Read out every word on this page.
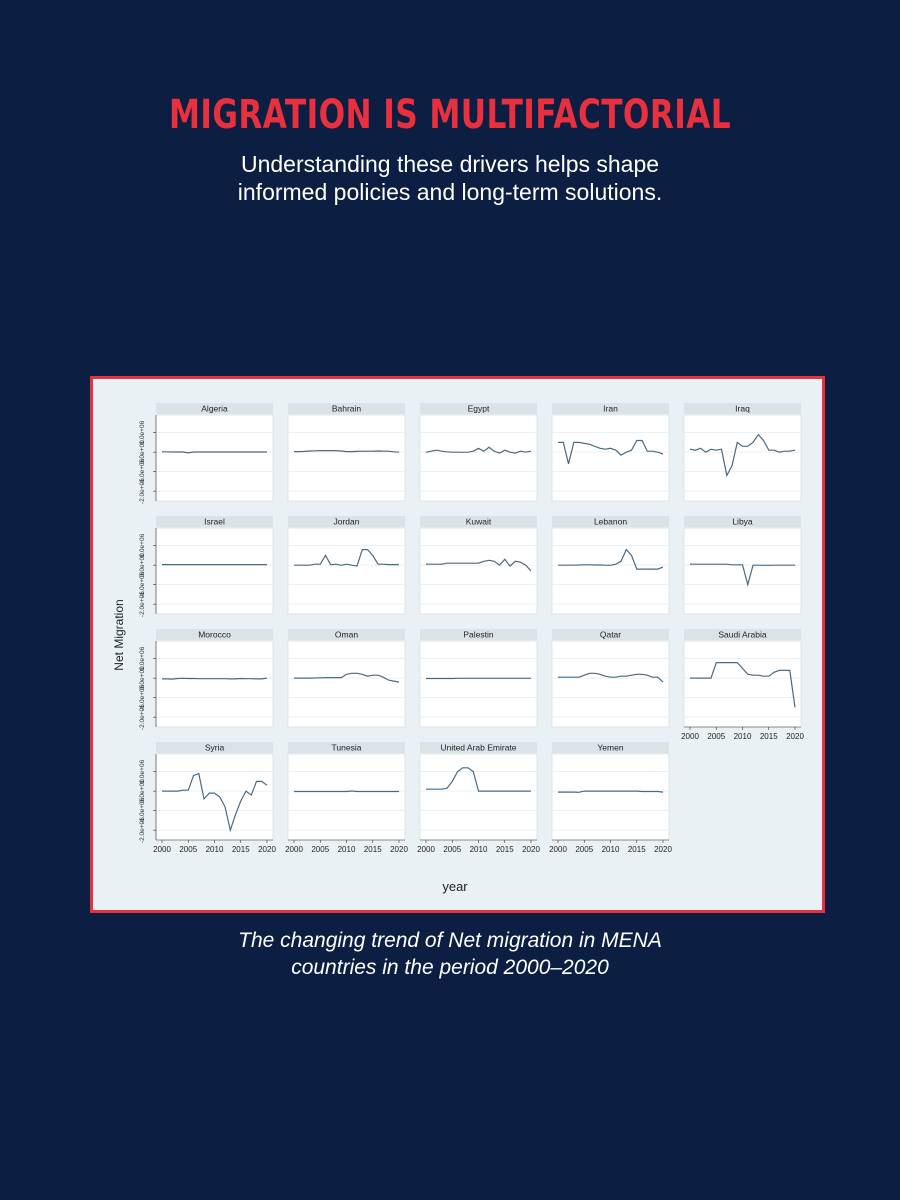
MIGRATION IS MULTIFACTORIAL
Understanding these drivers helps shape
informed policies and long-term solutions.
Algeria
1.0e+06
0.0e+00
-1.0e+06
-2.0e+06
Bahrain	Egypt	Iran	Iraq
Israel
1.0e+06
0.0e+00
-1.0e+06
-2.0e+06
Jordan	Kuwait	Lebanon	Libya
Morocco
1.0e+06
0.0e+00
-1.0e+06
-2.0e+06
Oman	Palestin	Qatar	Saudi Arabia
2000 2005 2010 2015 2020
Syria
1.0e+06
0.0e+00
-1.0e+06
-2.0e+06
2000 2005 2010 2015 2020
Tunesia
2000 2005 2010 2015 2020
United Arab Emirate
2000 2005 2010 2015 2020
Yemen
2000 2005 2010 2015 2020
Net Migration
year
The changing trend of Net migration in MENA
countries in the period 2000–2020
